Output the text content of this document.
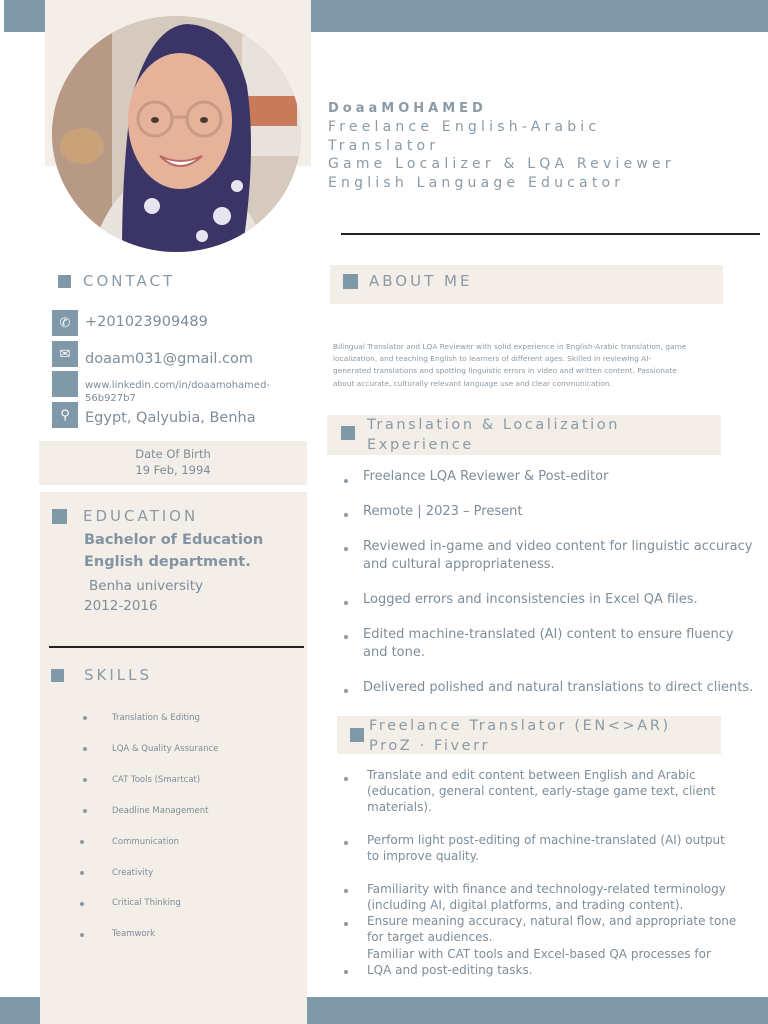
DoaaMOHAMED
Freelance English-Arabic
Translator
Game Localizer & LQA Reviewer
English Language Educator
CONTACT
✆	+201023909489
✉	doaam031@gmail.com
www.linkedin.com/in/doaamohamed-
56b927b7
⚲	Egypt, Qalyubia, Benha
Date Of Birth
19 Feb, 1994
EDUCATION
Bachelor of Education
English department.
Benha university
2012-2016
SKILLS
Translation & Editing
LQA & Quality Assurance
CAT Tools (Smartcat)
Deadline Management
Communication
Creativity
Critical Thinking
Teamwork
ABOUT ME
Bilingual Translator and LQA Reviewer with solid experience in English-Arabic translation, game
localization, and teaching English to learners of different ages. Skilled in reviewing AI-
generated translations and spotting linguistic errors in video and written content. Passionate
about accurate, culturally relevant language use and clear communication.
Translation & Localization
Experience
Freelance LQA Reviewer & Post-editor
Remote | 2023 – Present
Reviewed in-game and video content for linguistic accuracy
and cultural appropriateness.
Logged errors and inconsistencies in Excel QA files.
Edited machine-translated (AI) content to ensure fluency
and tone.
Delivered polished and natural translations to direct clients.
Freelance Translator (EN<>AR)
ProZ · Fiverr
Translate and edit content between English and Arabic
(education, general content, early-stage game text, client
materials).
Perform light post-editing of machine-translated (AI) output
to improve quality.
Familiarity with finance and technology-related terminology
(including AI, digital platforms, and trading content).
Ensure meaning accuracy, natural flow, and appropriate tone
for target audiences.
Familiar with CAT tools and Excel-based QA processes for
LQA and post-editing tasks.
